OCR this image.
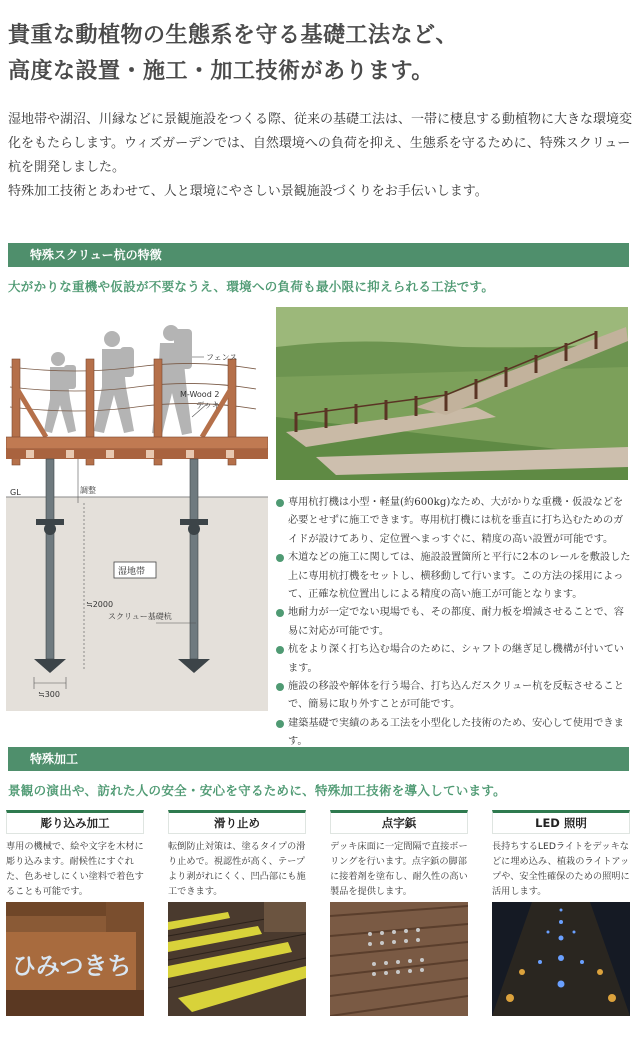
貴重な動植物の生態系を守る基礎工法など、
高度な設置・施工・加工技術があります。

湿地帯や湖沼、川縁などに景観施設をつくる際、従来の基礎工法は、一帯に棲息する動植物に大きな環境変化をもたらします。ウィズガーデンでは、自然環境への負荷を抑え、生態系を守るために、特殊スクリュー杭を開発しました。

特殊加工技術とあわせて、人と環境にやさしい景観施設づくりをお手伝いします。

特殊スクリュー杭の特徴
大がかりな重機や仮設が不要なうえ、環境への負荷も最小限に抑えられる工法です。
フェンス
M-Wood 2
デッキ
GL	調整
≒2000
スクリュー基礎杭
≒300
湿地帯
専用杭打機は小型・軽量(約600kg)なため、大がかりな重機・仮設などを必要とせずに施工できます。専用杭打機には杭を垂直に打ち込むためのガイドが設けてあり、定位置へまっすぐに、精度の高い設置が可能です。
木道などの施工に関しては、施設設置箇所と平行に2本のレールを敷設した上に専用杭打機をセットし、横移動して行います。この方法の採用によって、正確な杭位置出しによる精度の高い施工が可能となります。
地耐力が一定でない現場でも、その都度、耐力板を増減させることで、容易に対応が可能です。
杭をより深く打ち込む場合のために、シャフトの継ぎ足し機構が付いています。
施設の移設や解体を行う場合、打ち込んだスクリュー杭を反転させることで、簡易に取り外すことが可能です。
建築基礎で実績のある工法を小型化した技術のため、安心して使用できます。
特殊加工
景観の演出や、訪れた人の安全・安心を守るために、特殊加工技術を導入しています。
彫り込み加工
専用の機械で、絵や文字を木材に彫り込みます。耐候性にすぐれた、色あせしにくい塗料で着色することも可能です。
ひみつきち
滑り止め
転倒防止対策は、塗るタイプの滑り止めで。視認性が高く、テープより剥がれにくく、凹凸部にも施工できます。
点字鋲
デッキ床面に一定間隔で直接ボーリングを行います。点字鋲の脚部に接着剤を塗布し、耐久性の高い製品を提供します。
LED 照明
長持ちするLEDライトをデッキなどに埋め込み、植栽のライトアップや、安全性確保のための照明に活用します。
